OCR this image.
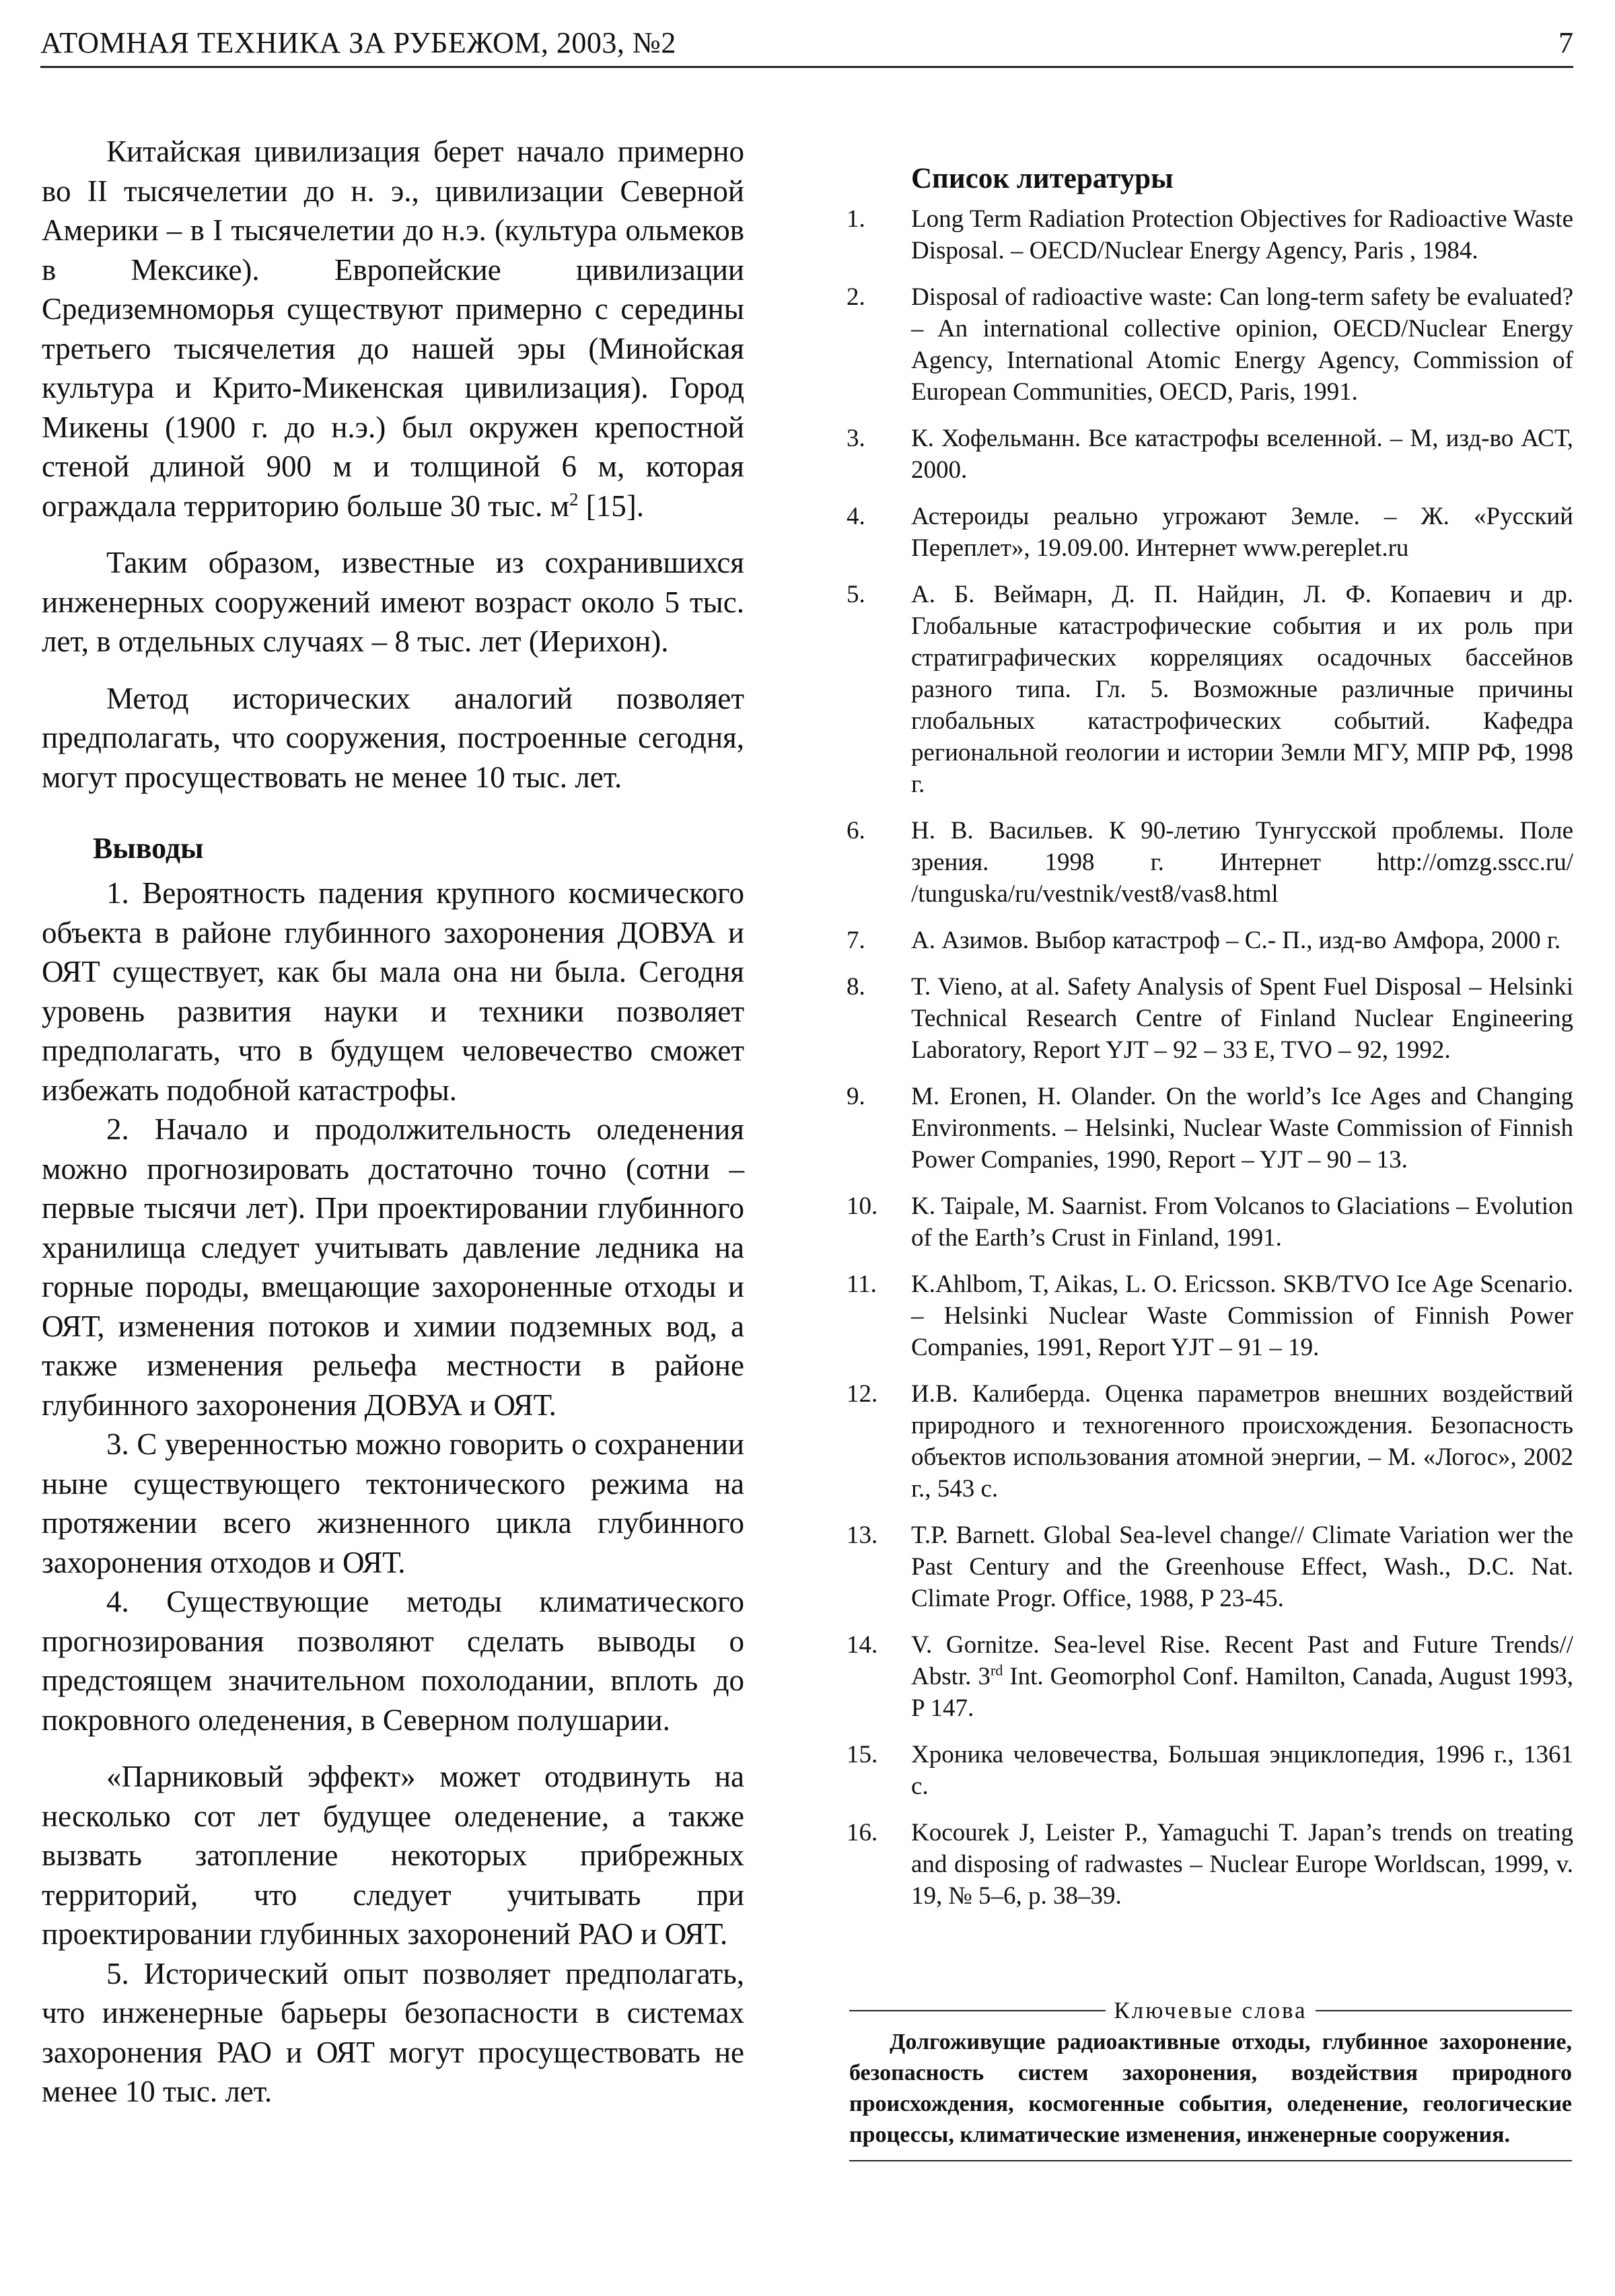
АТОМНАЯ ТЕХНИКА ЗА РУБЕЖОМ, 2003, №2	7

Китайская цивилизация берет начало примерно во II тысячелетии до н. э., цивилизации Северной Америки – в I тысячелетии до н.э. (культура ольмеков в Мексике). Европейские цивилизации Средиземноморья существуют примерно с середины третьего тысячелетия до нашей эры (Минойская культура и Крито-Микенская цивилизация). Город Микены (1900 г. до н.э.) был окружен крепостной стеной длиной 900 м и толщиной 6 м, которая ограждала территорию больше 30 тыс. $м^2$ [15].

Таким образом, известные из сохранившихся инженерных сооружений имеют возраст около 5 тыс. лет, в отдельных случаях – 8 тыс. лет (Иерихон).

Метод исторических аналогий позволяет предполагать, что сооружения, построенные сегодня, могут просуществовать не менее 10 тыс. лет.

Выводы

1. Вероятность падения крупного космического объекта в районе глубинного захоронения ДОВУА и ОЯТ существует, как бы мала она ни была. Сегодня уровень развития науки и техники позволяет предполагать, что в будущем человечество сможет избежать подобной катастрофы.

2. Начало и продолжительность оледенения можно прогнозировать достаточно точно (сотни – первые тысячи лет). При проектировании глубинного хранилища следует учитывать давление ледника на горные породы, вмещающие захороненные отходы и ОЯТ, изменения потоков и химии подземных вод, а также изменения рельефа местности в районе глубинного захоронения ДОВУА и ОЯТ.

3. С уверенностью можно говорить о сохранении ныне существующего тектонического режима на протяжении всего жизненного цикла глубинного захоронения отходов и ОЯТ.

4. Существующие методы климатического прогнозирования позволяют сделать выводы о предстоящем значительном похолодании, вплоть до покровного оледенения, в Северном полушарии.

«Парниковый эффект» может отодвинуть на несколько сот лет будущее оледенение, а также вызвать затопление некоторых прибрежных территорий, что следует учитывать при проектировании глубинных захоронений РАО и ОЯТ.

5. Исторический опыт позволяет предполагать, что инженерные барьеры безопасности в системах захоронения РАО и ОЯТ могут просуществовать не менее 10 тыс. лет.

Список литературы
1.	Long Term Radiation Protection Objectives for Radioactive Waste Disposal. – OECD/Nuclear Energy Agency, Paris , 1984.
2.	Disposal of radioactive waste: Can long-term safety be evaluated? – An international collective opinion, OECD/Nuclear Energy Agency, International Atomic Energy Agency, Commission of European Communities, OECD, Paris, 1991.
3.	К. Хофельманн. Все катастрофы вселенной. – М, изд-во АСТ, 2000.
4.	Астероиды реально угрожают Земле. – Ж. «Русский Переплет», 19.09.00. Интернет www.pereplet.ru
5.	А. Б. Веймарн, Д. П. Найдин, Л. Ф. Копаевич и др. Глобальные катастрофические события и их роль при стратиграфических корреляциях осадочных бассейнов разного типа. Гл. 5. Возможные различные причины глобальных катастрофических событий. Кафедра региональной геологии и истории Земли МГУ, МПР РФ, 1998 г.
6.	Н. В. Васильев. К 90-летию Тунгусской проблемы. Поле зрения. 1998 г. Интернет http://omzg.sscc.ru/ /tunguska/ru/vestnik/vest8/vas8.html
7.	А. Азимов. Выбор катастроф – С.- П., изд-во Амфора, 2000 г.
8.	T. Vieno, at al. Safety Analysis of Spent Fuel Disposal – Helsinki Technical Research Centre of Finland Nuclear Engineering Laboratory, Report YJT – 92 – 33 E, TVO – 92, 1992.
9.	M. Eronen, H. Olander. On the world’s Ice Ages and Changing Environments. – Helsinki, Nuclear Waste Commission of Finnish Power Companies, 1990, Report – YJT – 90 – 13.
10.	K. Taipale, M. Saarnist. From Volcanos to Glaciations – Evolution of the Earth’s Crust in Finland, 1991.
11.	K.Ahlbom, T, Aikas, L. O. Ericsson. SKB/TVO Ice Age Scenario. – Helsinki Nuclear Waste Commission of Finnish Power Companies, 1991, Report YJT – 91 – 19.
12.	И.В. Калиберда. Оценка параметров внешних воздействий природного и техногенного происхождения. Безопасность объектов использования атомной энергии, – М. «Логос», 2002 г., 543 с.
13.	T.P. Barnett. Global Sea-level change// Climate Variation wer the Past Century and the Greenhouse Effect, Wash., D.C. Nat. Climate Progr. Office, 1988, P 23-45.
14.	V. Gornitze. Sea-level Rise. Recent Past and Future Trends// Abstr. 3rd Int. Geomorphol Conf. Hamilton, Canada, August 1993, P 147.
15.	Хроника человечества, Большая энциклопедия, 1996 г., 1361 с.
16.	Kocourek J, Leister P., Yamaguchi T. Japan’s trends on treating and disposing of radwastes – Nuclear Europe Worldscan, 1999, v. 19, № 5–6, p. 38–39.
Ключевые слова
Долгоживущие радиоактивные отходы, глубинное захоронение, безопасность систем захоронения, воздействия природного происхождения, космогенные события, оледенение, геологические процессы, климатические изменения, инженерные сооружения.
